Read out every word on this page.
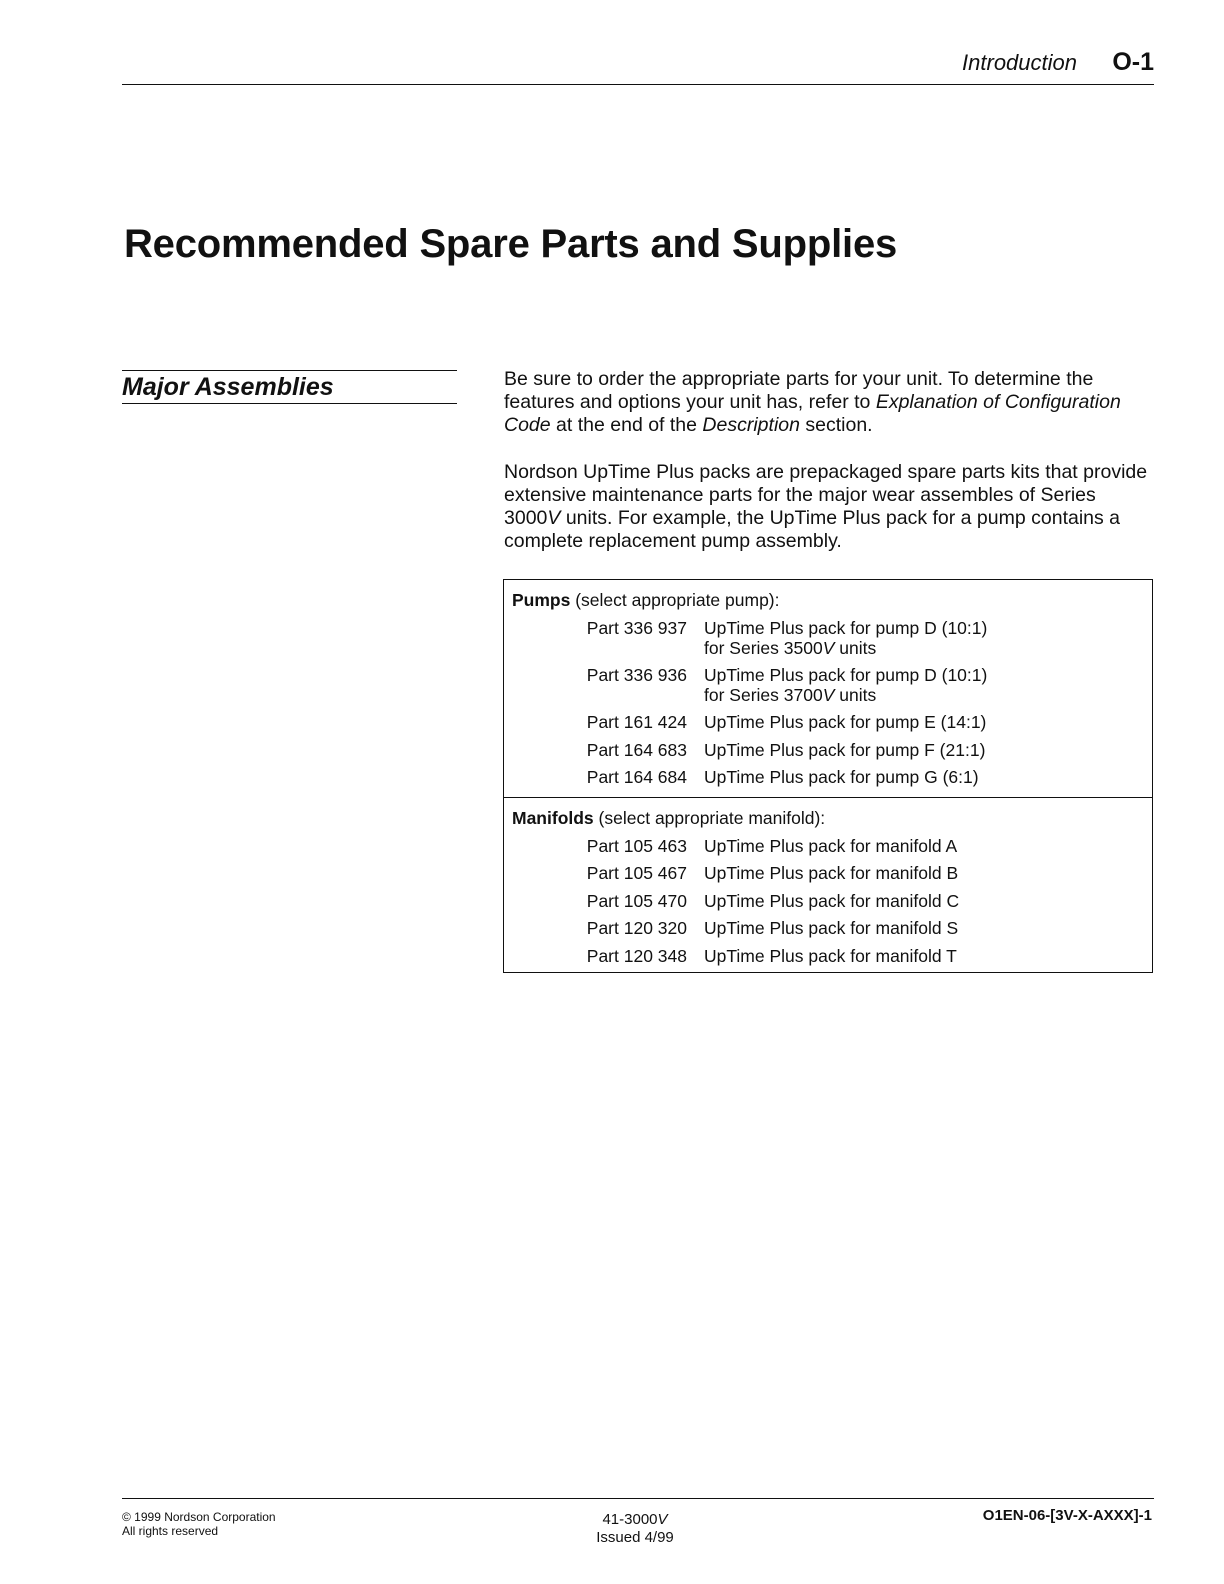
Introduction	O-1
Recommended Spare Parts and Supplies
Major Assemblies	Be sure to order the appropriate parts for your unit. To determine the features and options your unit has, refer to Explanation of Configuration Code at the end of the Description section.

Nordson UpTime Plus packs are prepackaged spare parts kits that provide extensive maintenance parts for the major wear assembles of Series 3000V units. For example, the UpTime Plus pack for a pump contains a complete replacement pump assembly.

Pumps (select appropriate pump):
Part 336 937 UpTime Plus pack for pump D (10:1)
for Series 3500V units
Part 336 936 UpTime Plus pack for pump D (10:1)
for Series 3700V units
Part 161 424 UpTime Plus pack for pump E (14:1)
Part 164 683 UpTime Plus pack for pump F (21:1)
Part 164 684 UpTime Plus pack for pump G (6:1)
Manifolds (select appropriate manifold):
Part 105 463 UpTime Plus pack for manifold A
Part 105 467 UpTime Plus pack for manifold B
Part 105 470 UpTime Plus pack for manifold C
Part 120 320 UpTime Plus pack for manifold S
Part 120 348 UpTime Plus pack for manifold T
© 1999 Nordson Corporation
All rights reserved
41-3000V
Issued 4/99
O1EN-06-[3V-X-AXXX]-1
